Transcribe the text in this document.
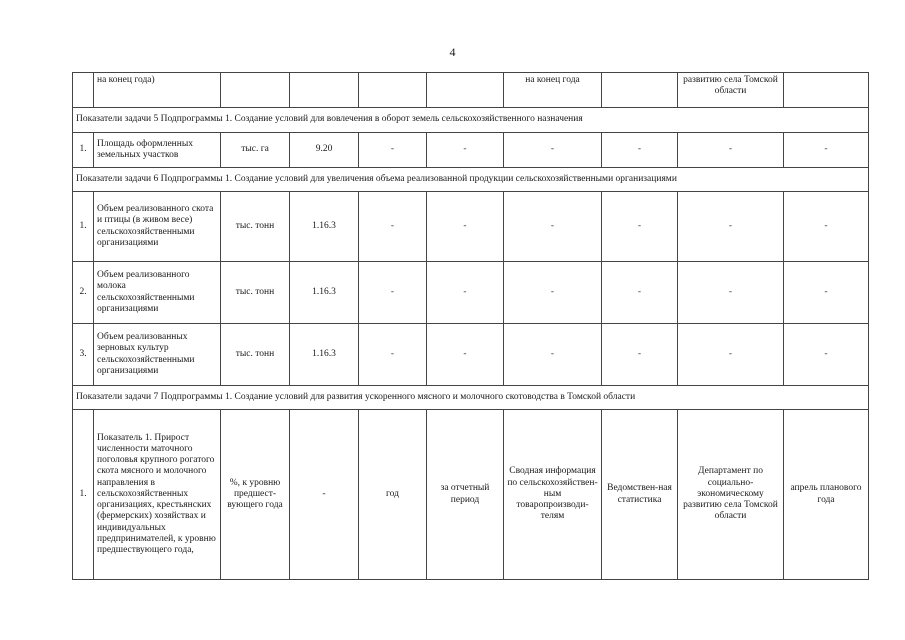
4
	на конец года)					на конец года		развитию села Томской области	
Показатели задачи 5 Подпрограммы 1. Создание условий для вовлечения в оборот земель сельскохозяйственного назначения									
1.	Площадь оформленных земельных участков	тыс. га	9.20	-	-	-	-	-	-
Показатели задачи 6 Подпрограммы 1. Создание условий для увеличения объема реализованной продукции сельскохозяйственными организациями									
1.	Объем реализованного скота и птицы (в живом весе) сельскохозяйственными организациями	тыс. тонн	1.16.3	-	-	-	-	-	-
2.	Объем реализованного молока сельскохозяйственными организациями	тыс. тонн	1.16.3	-	-	-	-	-	-
3.	Объем реализованных зерновых культур сельскохозяйственными организациями	тыс. тонн	1.16.3	-	-	-	-	-	-
Показатели задачи 7 Подпрограммы 1. Создание условий для развития ускоренного мясного и молочного скотоводства в Томской области									
1.	Показатель 1. Прирост численности маточного поголовья крупного рогатого скота мясного и молочного направления в сельскохозяйственных организациях, крестьянских (фермерских) хозяйствах и индивидуальных предпринимателей, к уровню предшествующего года,	%, к уровню предшест-вующего года	-	год	за отчетный период	Сводная информация по сельскохозяйствен-ным товаропроизводи-телям	Ведомствен-ная статистика	Департамент по социально-экономическому развитию села Томской области	апрель планового года
